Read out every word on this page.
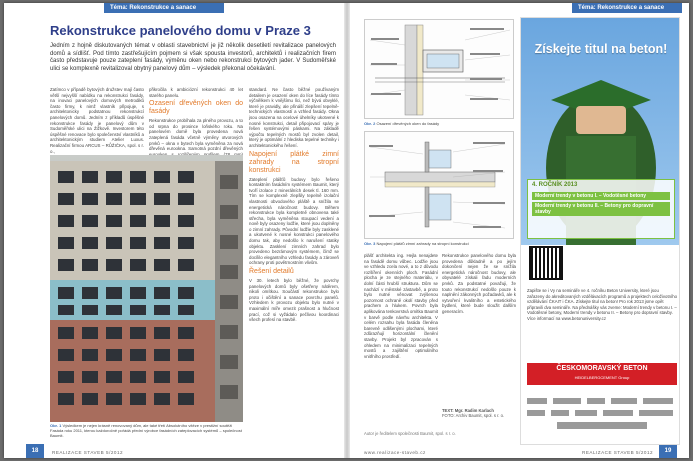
Téma: Rekonstrukce a sanace
Rekonstrukce panelového domu v Praze 3
Jedním z hojně diskutovaných témat v oblasti stavebnictví je již několik desetiletí revitalizace panelových domů a sídlišť. Pod tímto zastřešujícím pojmem si však spousta investorů, architektů i realizačních firem často představuje pouze zateplení fasády, výměnu oken nebo rekonstrukci bytových jader. V Sudoměřské ulici se komplexně revitalizoval obytný panelový dům – výsledek překonal očekávání.
Zatímco v případě bytových družstev mají často větší nejvyšší nabídku na rekonstrukci fasády, na inovaci panelových domových metrodiků často firmy, k nimž vlastník připojuje, s architektonicky podstatnou rekonstrukcí panelových domů. Jedním z příkladů úspěšné rekonstrukce fasády je panelový dům v Sudoměřské ulici na Žižkově. Investorem této úspěšné renovace bylo společenství vlastníků a architektonickým studiem Atelier Luxus. Realizační firmou ARCUS – RŮŽIČKA, spol. s r. o.,
přikročila k ambiciózní rekonstrukci 40 let starého panelu.
Ozasení dřevěných oken do fasády
Rekonstrukce probíhala za plného provozu, a to od srpna do prosince loňského roku. Na panelovém domě byla provedena nová zateplená fasáda včetně výměny otvorových prvků – okna v bytech byla vyměněna za nová dřevěná eurookna. Samotná pozdní dřevěných
standard. Ne často běžné používaným detailem je osazení oken do líce fasády tímto výčnělkem k vnějšímu líci, než bývá obvyklé, které je pravidly, ale přináší zlepšení tepelně-technických vlastností a vzhled fasády. Okna jsou osazena na ocelové úhelníky ukotvené k nosné konstrukci, detail připojovací spáry je řešen systémovými páskami. Na základě výpočtu tepelných mostů byl zvolen detail, který je optimální z hlediska tepelné techniky i architektonického řešení.
Napojení plátké zimní zahrady na stropní konstrukci
Zateplení plášťů budovy bylo řešeno kontaktním fasádním systémem Baumit, který tvoří izolace z minerálních desek tl. 160 mm. Tím se komplexně zlepšily tepelně izolační vlastnosti obvodového pláště a snížila se energetická náročnost budovy. Během rekonstrukce byla kompletně obnovena také střecha, byla vyměněna stoupací vedení a nově byly osazeny lodžie, které jsou doplněny o zimní zahrady. Původní lodžie byly zasklené a ukotvené k nosné konstrukci panelového domu tak, aby nedošlo k narušení statiky objektu. Zasklení zimních zahrad bylo provedeno bezrámovým systémem, čímž se docílilo elegantního vzhledu fasády a zároveň ochrany proti povětrnostním vlivům.
Řešení detailů
V 30. letech bylo běžné, že povrchy panelových domů byly ošetřeny nátěrem, nikoli omítkou. Součástí rekonstrukce bylo proto i očištění a sanace povrchu panelů. Vzhledem k provozu objektu bylo nutné v maximální míře omezit prašnost a hlučnost prací, což si vyžádalo pečlivou koordinaci všech profesí na stavbě.
Obr. 1 Výsledkem je nejen krásně renovovaný dům, ale také třetí Absolutního vítěze v prestižní soutěži Fasáda roku 2011, kterou každoročně pořádá přední výrobce fasádních zateplovacích systémů – společnost Baumit.
18	REALIZACE STAVEB 5/2012
Téma: Rekonstrukce a sanace
Obr. 2 Osazení dřevěných oken do fasády
Obr. 3 Napojení plášťů zimní zahrady na stropní konstrukci
plášť architekta ing. Hejla nenajdete na fasádě domu vůbec. Lodžie jsou ve vzhledu zcela nové, a to z důvodu rozšíření okenních ploch. Fasádní plocha je ze stejného materiálu, v dolní části hrubší struktura. Dům se nachází v městské zástavbě, a proto bylo nutné věnovat zvýšenou pozornost ochraně okolí stavby před prachem a hlukem. Povrch byla aplikována tenkovrstvá omítka Baumit v barvě podle návrhu architekta. V celém rozsahu byla fasáda členěna barevně odlišenými plochami, které zdůrazňují horizontální členění stavby. Projekt byl zpracován s ohledem na minimalizaci tepelných mostů a zajištění optimálního vnitřního prostředí.
Rekonstrukce panelového domu byla provedena důkladně a po jejím dokončení nejen že se snížila energetická náročnost budovy, ale obyvatelé získali řadu moderních prvků. Za podstatné považuji, že touto rekonstrukcí nedošlo pouze k naplnění zákonných požadavků, ale k vytvoření kvalitního a estetického bydlení, které bude sloužit dalším generacím.
TEXT: Mgr. Radim Karlach
FOTO: Archiv Baumit, spol. s r. o.
Autor je ředitelem společnosti Baumit, spol. s r. o.
www.realizace-staveb.cz	REALIZACE STAVEB 5/2012	19
Získejte titul na beton!
4. ROČNÍK 2013
Moderní trendy v betonu I. – Vodotěsné betony
Moderní trendy v betonu II. – Betony pro dopravní stavby
Zapište se i Vy na semináře ve 4. ročníku Beton University, které jsou zařazeny do akreditovaných vzdělávacích programů a projektech celoživotního vzdělávání ČKAIT i ČKA. Získejte titul na beton! Pro rok 2013 jsme opět připravili dva semináře. Na přednášky vás zveme: Moderní trendy v betonu I. – Vodotěsné betony, Moderní trendy v betonu II. – Betony pro dopravní stavby. Více informací na www.betonuniversity.cz
ČESKOMORAVSKÝ BETON
HEIDELBERGCEMENT Group
